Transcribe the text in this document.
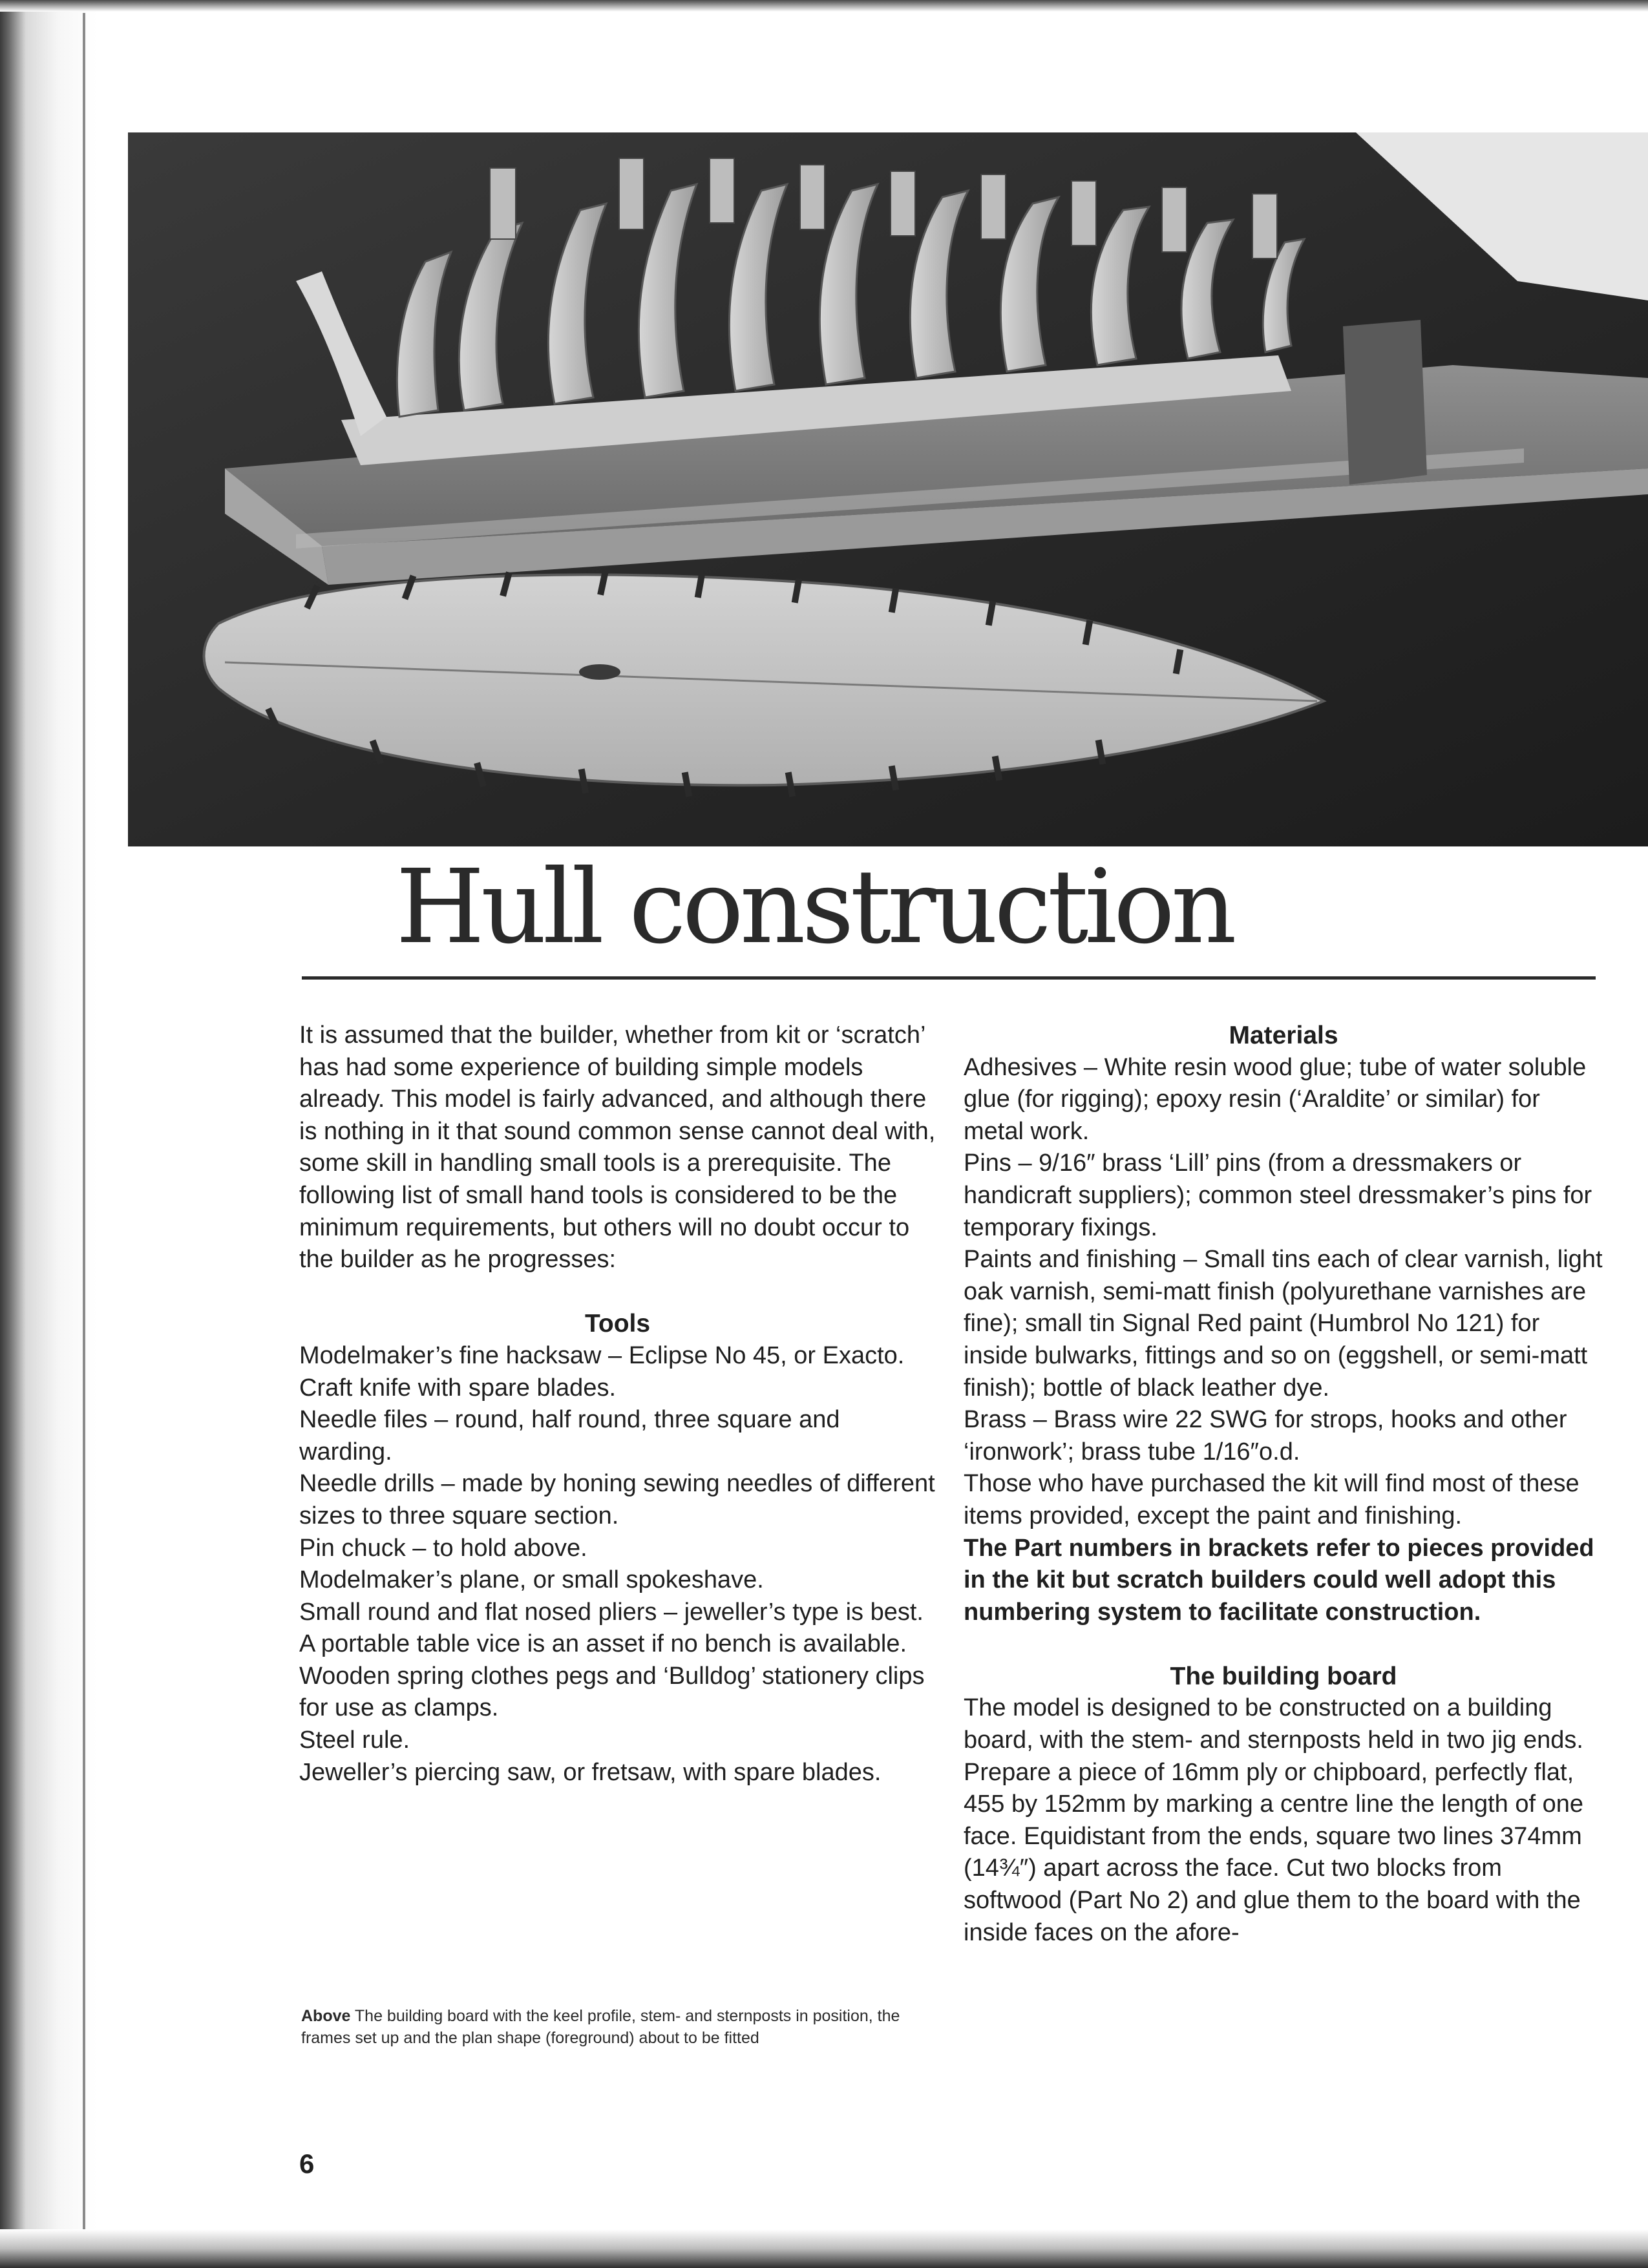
Hull construction

It is assumed that the builder, whether from kit or ‘scratch’ has had some experience of building simple models already. This model is fairly advanced, and although there is nothing in it that sound common sense cannot deal with, some skill in handling small tools is a prerequisite. The following list of small hand tools is considered to be the minimum requirements, but others will no doubt occur to the builder as he progresses:

Tools

Modelmaker’s fine hacksaw – Eclipse No 45, or Exacto.

Craft knife with spare blades.

Needle files – round, half round, three square and warding.

Needle drills – made by honing sewing needles of different sizes to three square section.

Pin chuck – to hold above.

Modelmaker’s plane, or small spokeshave.

Small round and flat nosed pliers – jeweller’s type is best.

A portable table vice is an asset if no bench is available.

Wooden spring clothes pegs and ‘Bulldog’ stationery clips for use as clamps.

Steel rule.

Jeweller’s piercing saw, or fretsaw, with spare blades.

Above The building board with the keel profile, stem- and sternposts in position, the frames set up and the plan shape (foreground) about to be fitted

Materials

Adhesives – White resin wood glue; tube of water soluble glue (for rigging); epoxy resin (‘Araldite’ or similar) for metal work.

Pins – 9/16″ brass ‘Lill’ pins (from a dressmakers or handicraft suppliers); common steel dressmaker’s pins for temporary fixings.

Paints and finishing – Small tins each of clear varnish, light oak varnish, semi-matt finish (polyurethane varnishes are fine); small tin Signal Red paint (Humbrol No 121) for inside bulwarks, fittings and so on (eggshell, or semi-matt finish); bottle of black leather dye.

Brass – Brass wire 22 SWG for strops, hooks and other ‘ironwork’; brass tube 1/16″o.d.

Those who have purchased the kit will find most of these items provided, except the paint and finishing.

The Part numbers in brackets refer to pieces provided in the kit but scratch builders could well adopt this numbering system to facilitate construction.

The building board

The model is designed to be constructed on a building board, with the stem- and sternposts held in two jig ends. Prepare a piece of 16mm ply or chipboard, perfectly flat, 455 by 152mm by marking a centre line the length of one face. Equidistant from the ends, square two lines 374mm (14¾″) apart across the face. Cut two blocks from softwood (Part No 2) and glue them to the board with the inside faces on the afore-

6
